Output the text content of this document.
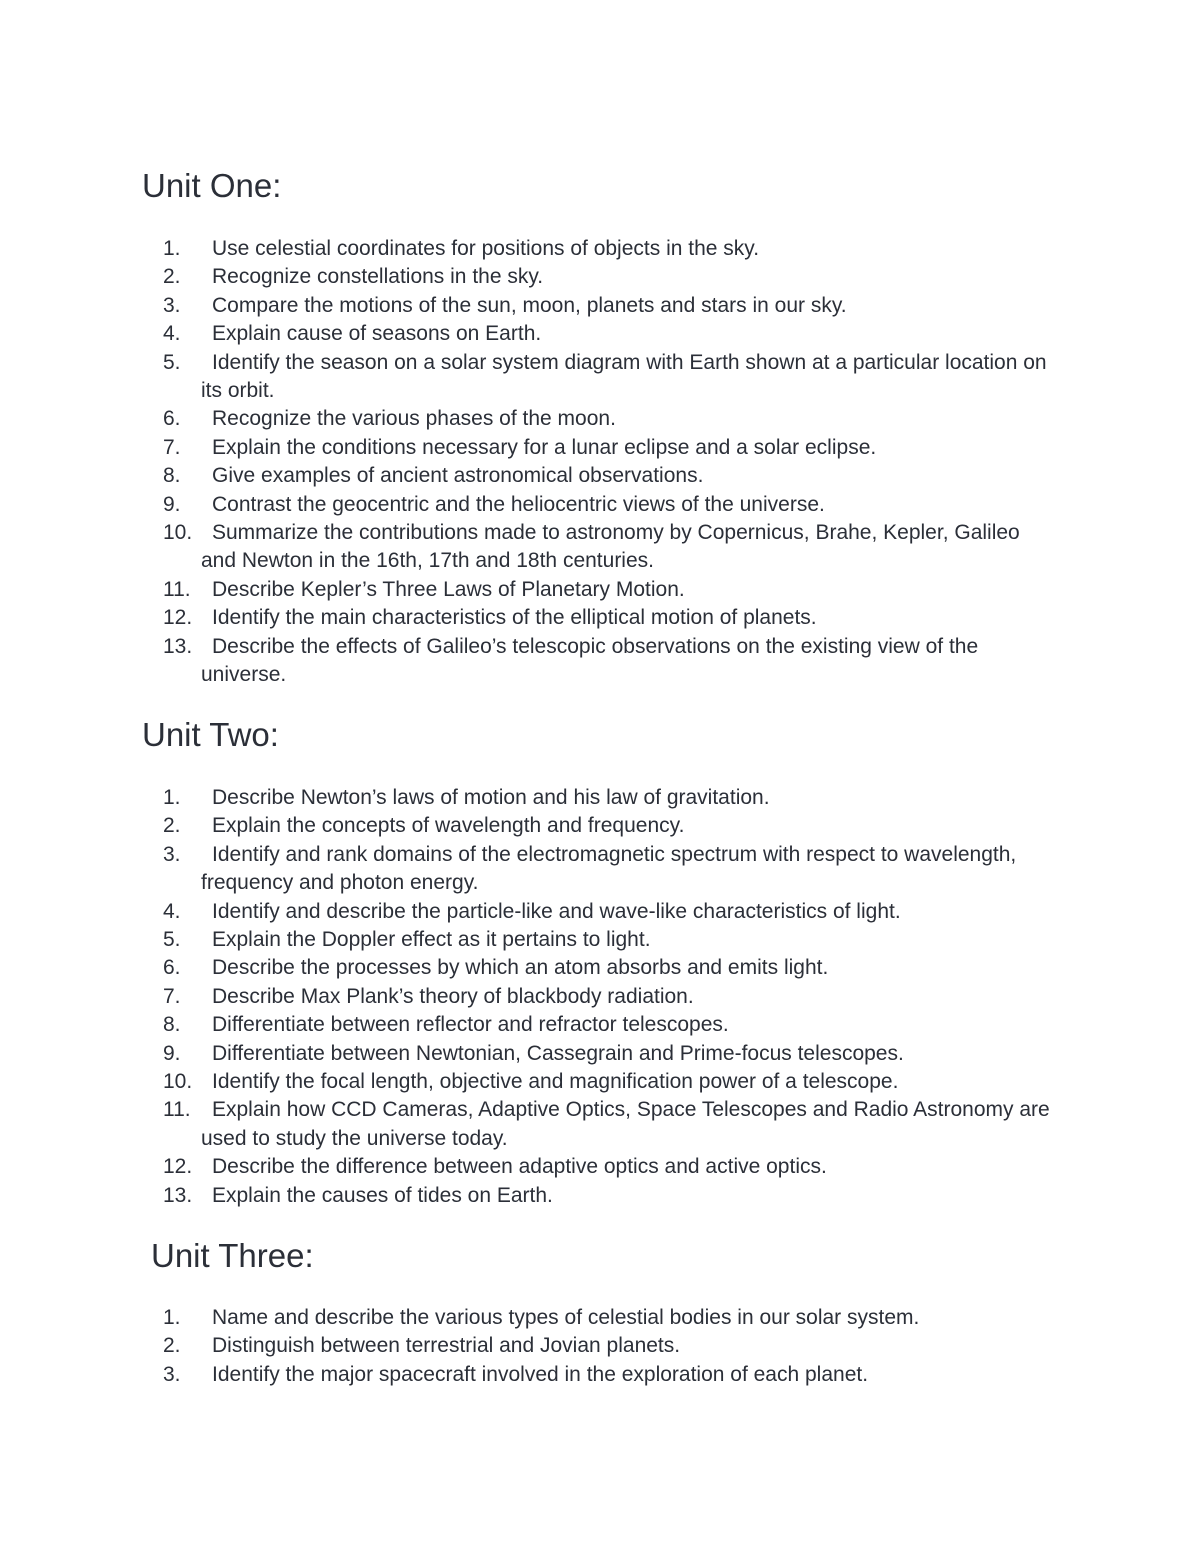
Unit One:
1.	Use celestial coordinates for positions of objects in the sky.
2.	Recognize constellations in the sky.
3.	Compare the motions of the sun, moon, planets and stars in our sky.
4.	Explain cause of seasons on Earth.
5.	Identify the season on a solar system diagram with Earth shown at a particular location on its orbit.
6.	Recognize the various phases of the moon.
7.	Explain the conditions necessary for a lunar eclipse and a solar eclipse.
8.	Give examples of ancient astronomical observations.
9.	Contrast the geocentric and the heliocentric views of the universe.
10. Summarize the contributions made to astronomy by Copernicus, Brahe, Kepler, Galileo and Newton in the 16th, 17th and 18th centuries.
11.	Describe Kepler’s Three Laws of Planetary Motion.
12. Identify the main characteristics of the elliptical motion of planets.
13. Describe the effects of Galileo’s telescopic observations on the existing view of the universe.
Unit Two:
1.	Describe Newton’s laws of motion and his law of gravitation.
2.	Explain the concepts of wavelength and frequency.
3.	Identify and rank domains of the electromagnetic spectrum with respect to wavelength, frequency and photon energy.
4.	Identify and describe the particle-like and wave-like characteristics of light.
5.	Explain the Doppler effect as it pertains to light.
6.	Describe the processes by which an atom absorbs and emits light.
7.	Describe Max Plank’s theory of blackbody radiation.
8.	Differentiate between reflector and refractor telescopes.
9.	Differentiate between Newtonian, Cassegrain and Prime-focus telescopes.
10. Identify the focal length, objective and magnification power of a telescope.
11.	Explain how CCD Cameras, Adaptive Optics, Space Telescopes and Radio Astronomy are used to study the universe today.
12. Describe the difference between adaptive optics and active optics.
13. Explain the causes of tides on Earth.
Unit Three:
1.	Name and describe the various types of celestial bodies in our solar system.
2.	Distinguish between terrestrial and Jovian planets.
3.	Identify the major spacecraft involved in the exploration of each planet.
